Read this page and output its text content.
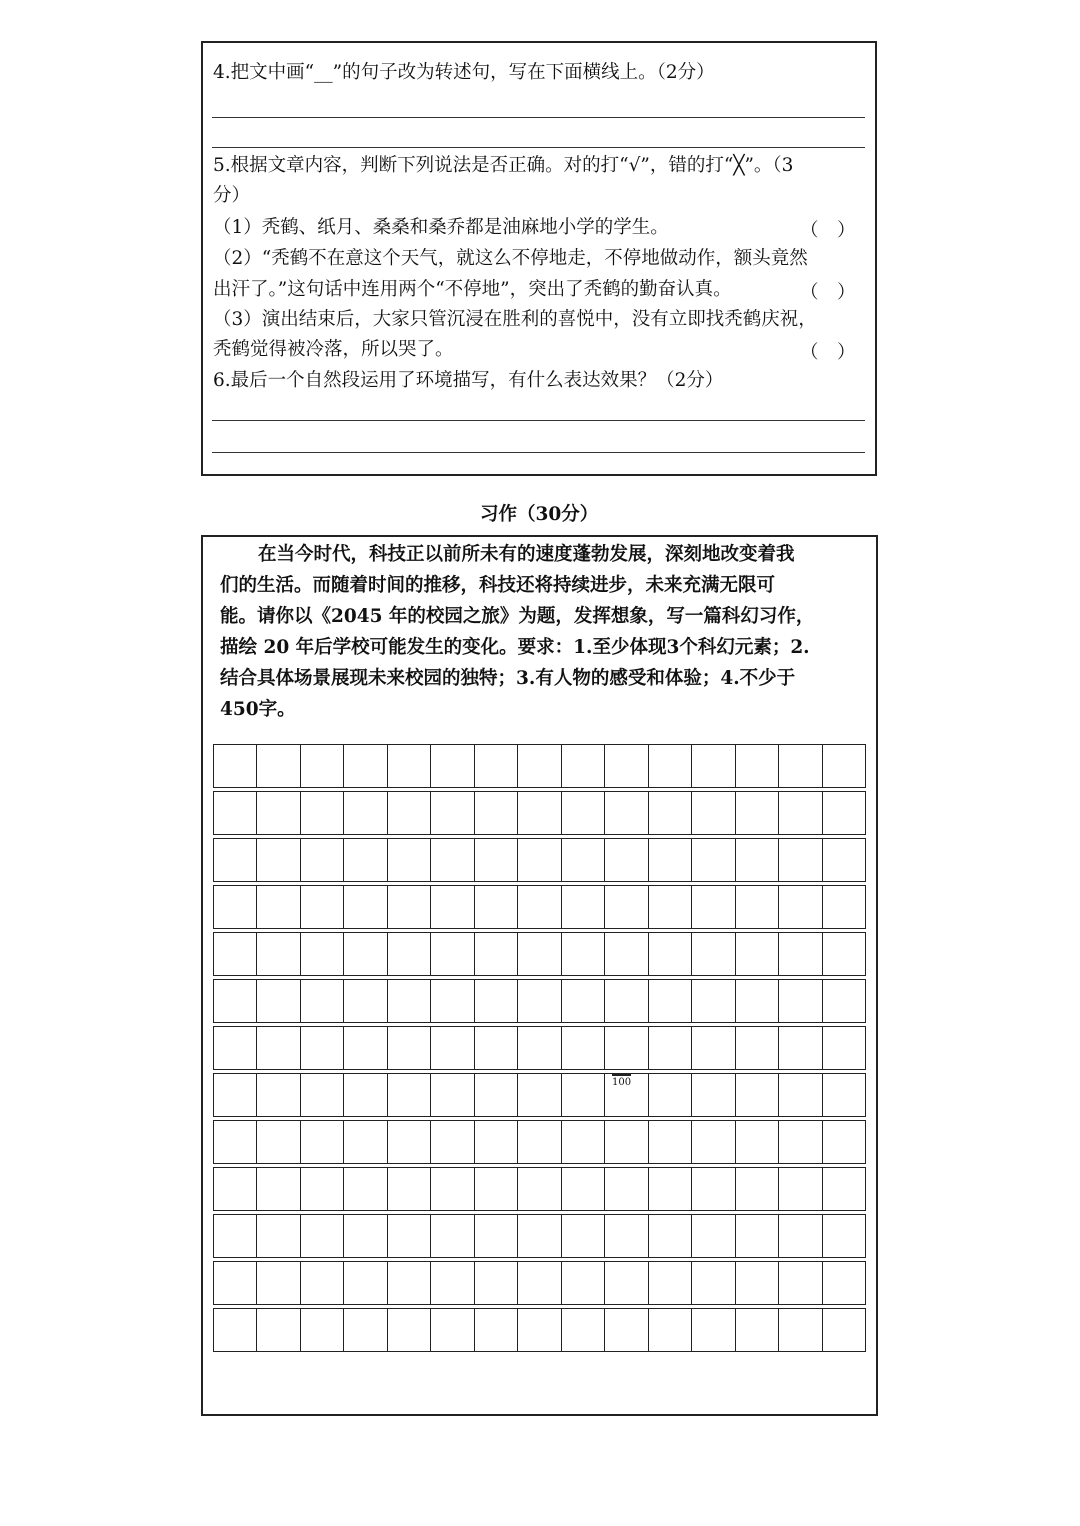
4.把文中画“__”的句子改为转述句，写在下面横线上。（2分）
5.根据文章内容，判断下列说法是否正确。对的打“√”，错的打“╳”。（3
分）
（1）秃鹤、纸月、桑桑和桑乔都是油麻地小学的学生。	（　）
（2）“秃鹤不在意这个天气，就这么不停地走，不停地做动作，额头竟然
出汗了。”这句话中连用两个“不停地”，突出了秃鹤的勤奋认真。	（　）
（3）演出结束后，大家只管沉浸在胜利的喜悦中，没有立即找秃鹤庆祝，
秃鹤觉得被冷落，所以哭了。	（　）
6.最后一个自然段运用了环境描写，有什么表达效果？（2分）
习作（30分）
在当今时代，科技正以前所未有的速度蓬勃发展，深刻地改变着我
们的生活。而随着时间的推移，科技还将持续进步，未来充满无限可
能。请你以《2045 年的校园之旅》为题，发挥想象，写一篇科幻习作，
描绘 20 年后学校可能发生的变化。要求：1.至少体现3个科幻元素；2.
结合具体场景展现未来校园的独特；3.有人物的感受和体验；4.不少于
450字。
100
